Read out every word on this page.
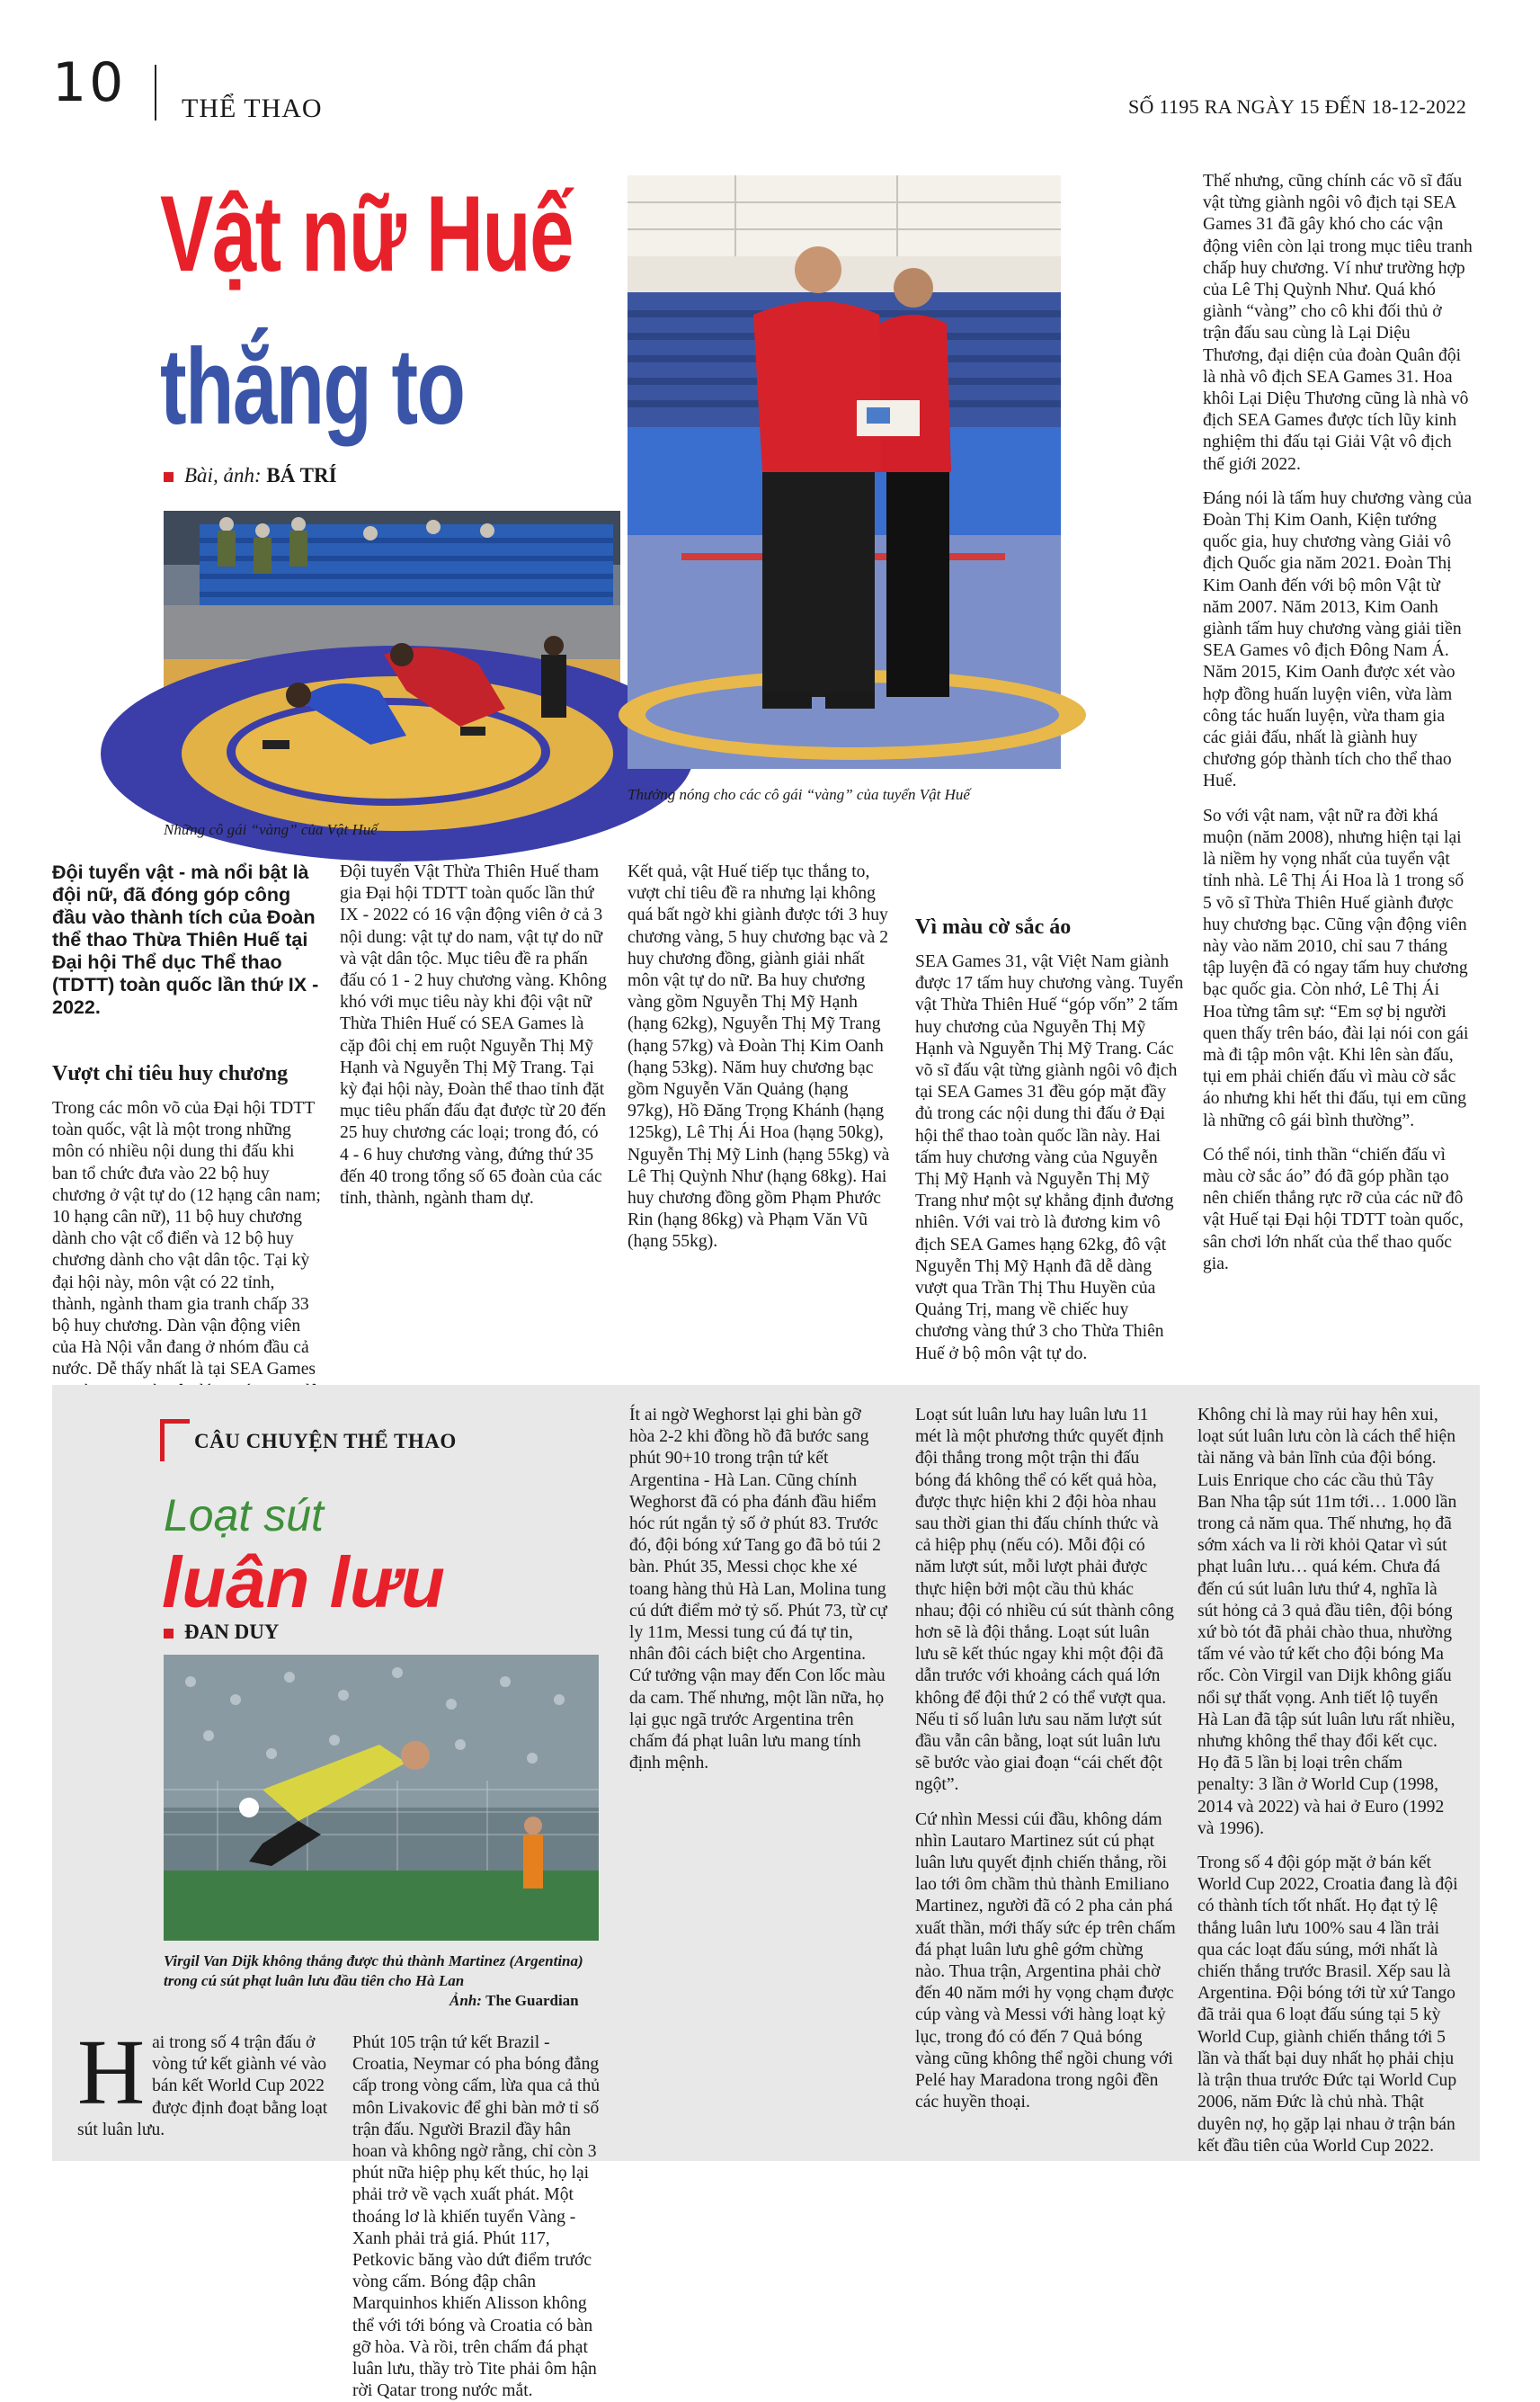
10 THỂ THAO	SỐ 1195 RA NGÀY 15 ĐẾN 18-12-2022
Vật nữ Huế
thắng to
Bài, ảnh: BÁ TRÍ
Những cô gái “vàng” của Vật Huế
Thưởng nóng cho các cô gái “vàng” của tuyển Vật Huế

Đội tuyển vật - mà nổi bật là đội nữ, đã đóng góp công đầu vào thành tích của Đoàn thể thao Thừa Thiên Huế tại Đại hội Thể dục Thể thao (TDTT) toàn quốc lần thứ IX - 2022.

Vượt chỉ tiêu huy chương

Trong các môn võ của Đại hội TDTT toàn quốc, vật là một trong những môn có nhiều nội dung thi đấu khi ban tổ chức đưa vào 22 bộ huy chương ở vật tự do (12 hạng cân nam; 10 hạng cân nữ), 11 bộ huy chương dành cho vật cổ điển và 12 bộ huy chương dành cho vật dân tộc. Tại kỳ đại hội này, môn vật có 22 tỉnh, thành, ngành tham gia tranh chấp 33 bộ huy chương. Dàn vận động viên của Hà Nội vẫn đang ở nhóm đầu cả nước. Dễ thấy nhất là tại SEA Games

Đội tuyển Vật Thừa Thiên Huế tham gia Đại hội TDTT toàn quốc lần thứ IX - 2022 có 16 vận động viên ở cả 3 nội dung: vật tự do nam, vật tự do nữ và vật dân tộc. Mục tiêu đề ra phấn đấu có 1 - 2 huy chương vàng. Không khó với mục tiêu này khi đội vật nữ Thừa Thiên Huế có SEA Games là cặp đôi chị em ruột Nguyễn Thị Mỹ Hạnh và Nguyễn Thị Mỹ Trang. Tại kỳ đại hội này, Đoàn thể thao tỉnh đặt mục tiêu phấn đấu đạt được từ 20 đến 25 huy chương các loại; trong đó, có 4 - 6 huy chương vàng, đứng thứ 35 đến 40 trong tổng số 65 đoàn của các tỉnh, thành, ngành tham dự.

Kết quả, vật Huế tiếp tục thắng to, vượt chỉ tiêu đề ra nhưng lại không quá bất ngờ khi giành được tới 3 huy chương vàng, 5 huy chương bạc và 2 huy chương đồng, giành giải nhất môn vật tự do nữ. Ba huy chương vàng gồm Nguyễn Thị Mỹ Hạnh (hạng 62kg), Nguyễn Thị Mỹ Trang (hạng 57kg) và Đoàn Thị Kim Oanh (hạng 53kg). Năm huy chương bạc gồm Nguyễn Văn Quảng (hạng 97kg), Hồ Đăng Trọng Khánh (hạng 125kg), Lê Thị Ái Hoa (hạng 50kg), Nguyễn Thị Mỹ Linh (hạng 55kg) và Lê Thị Quỳnh Như (hạng 68kg). Hai huy chương đồng gồm Phạm Phước Rin (hạng 86kg) và Phạm Văn Vũ (hạng 55kg).

Vì màu cờ sắc áo

SEA Games 31, vật Việt Nam giành được 17 tấm huy chương vàng. Tuyển vật Thừa Thiên Huế “góp vốn” 2 tấm huy chương của Nguyễn Thị Mỹ Hạnh và Nguyễn Thị Mỹ Trang. Các võ sĩ đấu vật từng giành ngôi vô địch tại SEA Games 31 đều góp mặt đầy đủ trong các nội dung thi đấu ở Đại hội thể thao toàn quốc lần này. Hai tấm huy chương vàng của Nguyễn Thị Mỹ Hạnh và Nguyễn Thị Mỹ Trang như một sự khẳng định đương nhiên. Với vai trò là đương kim vô địch SEA Games hạng 62kg, đô vật Nguyễn Thị Mỹ Hạnh đã dễ dàng vượt qua Trần Thị Thu Huyền của Quảng Trị, mang về chiếc huy chương vàng thứ 3 cho Thừa Thiên Huế ở bộ môn vật tự do.

Thế nhưng, cũng chính các võ sĩ đấu vật từng giành ngôi vô địch tại SEA Games 31 đã gây khó cho các vận động viên còn lại trong mục tiêu tranh chấp huy chương. Ví như trường hợp của Lê Thị Quỳnh Như. Quá khó giành “vàng” cho cô khi đối thủ ở trận đấu sau cùng là Lại Diệu Thương, đại diện của đoàn Quân đội là nhà vô địch SEA Games 31. Hoa khôi Lại Diệu Thương cũng là nhà vô địch SEA Games được tích lũy kinh nghiệm thi đấu tại Giải Vật vô địch thế giới 2022.

Đáng nói là tấm huy chương vàng của Đoàn Thị Kim Oanh, Kiện tướng quốc gia, huy chương vàng Giải vô địch Quốc gia năm 2021. Đoàn Thị Kim Oanh đến với bộ môn Vật từ năm 2007. Năm 2013, Kim Oanh giành tấm huy chương vàng giải tiền SEA Games vô địch Đông Nam Á. Năm 2015, Kim Oanh được xét vào hợp đồng huấn luyện viên, vừa làm công tác huấn luyện, vừa tham gia các giải đấu, nhất là giành huy chương góp thành tích cho thể thao Huế.

So với vật nam, vật nữ ra đời khá muộn (năm 2008), nhưng hiện tại lại là niềm hy vọng nhất của tuyển vật tỉnh nhà. Lê Thị Ái Hoa là 1 trong số 5 võ sĩ Thừa Thiên Huế giành được huy chương bạc. Cũng vận động viên này vào năm 2010, chỉ sau 7 tháng tập luyện đã có ngay tấm huy chương bạc quốc gia. Còn nhớ, Lê Thị Ái Hoa từng tâm sự: “Em sợ bị người quen thấy trên báo, đài lại nói con gái mà đi tập môn vật. Khi lên sàn đấu, tụi em phải chiến đấu vì màu cờ sắc áo nhưng khi hết thi đấu, tụi em cũng là những cô gái bình thường”.

Có thể nói, tinh thần “chiến đấu vì màu cờ sắc áo” đó đã góp phần tạo nên chiến thắng rực rỡ của các nữ đô vật Huế tại Đại hội TDTT toàn quốc, sân chơi lớn nhất của thể thao quốc gia.

CÂU CHUYỆN THỂ THAO
Loạt sút
luân lưu
ĐAN DUY
Virgil Van Dijk không thắng được thủ thành Martinez (Argentina) trong cú sút phạt luân lưu đầu tiên cho Hà Lan
Ảnh: The Guardian

Hai trong số 4 trận đấu ở vòng tứ kết giành vé vào bán kết World Cup 2022 được định đoạt bằng loạt sút luân lưu.

Phút 105 trận tứ kết Brazil - Croatia, Neymar có pha bóng đẳng cấp trong vòng cấm, lừa qua cả thủ môn Livakovic để ghi bàn mở tỉ số trận đấu. Người Brazil đầy hân hoan và không ngờ rằng, chỉ còn 3 phút nữa hiệp phụ kết thúc, họ lại phải trở về vạch xuất phát. Một thoáng lơ là khiến tuyển Vàng - Xanh phải trả giá. Phút 117, Petkovic băng vào dứt điểm trước vòng cấm. Bóng đập chân Marquinhos khiến Alisson không thể với tới bóng và Croatia có bàn gỡ hòa. Và rồi, trên chấm đá phạt luân lưu, thầy trò Tite phải ôm hận rời Qatar trong nước mắt.

Ít ai ngờ Weghorst lại ghi bàn gỡ hòa 2-2 khi đồng hồ đã bước sang phút 90+10 trong trận tứ kết Argentina - Hà Lan. Cũng chính Weghorst đã có pha đánh đầu hiểm hóc rút ngắn tỷ số ở phút 83. Trước đó, đội bóng xứ Tang go đã bỏ túi 2 bàn. Phút 35, Messi chọc khe xé toang hàng thủ Hà Lan, Molina tung cú dứt điểm mở tỷ số. Phút 73, từ cự ly 11m, Messi tung cú đá tự tin, nhân đôi cách biệt cho Argentina. Cứ tưởng vận may đến Con lốc màu da cam. Thế nhưng, một lần nữa, họ lại gục ngã trước Argentina trên chấm đá phạt luân lưu mang tính định mệnh.

Loạt sút luân lưu hay luân lưu 11 mét là một phương thức quyết định đội thắng trong một trận thi đấu bóng đá không thể có kết quả hòa, được thực hiện khi 2 đội hòa nhau sau thời gian thi đấu chính thức và cả hiệp phụ (nếu có). Mỗi đội có năm lượt sút, mỗi lượt phải được thực hiện bởi một cầu thủ khác nhau; đội có nhiều cú sút thành công hơn sẽ là đội thắng. Loạt sút luân lưu sẽ kết thúc ngay khi một đội đã dẫn trước với khoảng cách quá lớn không để đội thứ 2 có thể vượt qua. Nếu tỉ số luân lưu sau năm lượt sút đầu vẫn cân bằng, loạt sút luân lưu sẽ bước vào giai đoạn “cái chết đột ngột”.

Cứ nhìn Messi cúi đầu, không dám nhìn Lautaro Martinez sút cú phạt luân lưu quyết định chiến thắng, rồi lao tới ôm chầm thủ thành Emiliano Martinez, người đã có 2 pha cản phá xuất thần, mới thấy sức ép trên chấm đá phạt luân lưu ghê gớm chừng nào. Thua trận, Argentina phải chờ đến 40 năm mới hy vọng chạm được cúp vàng và Messi với hàng loạt kỷ lục, trong đó có đến 7 Quả bóng vàng cũng không thể ngồi chung với Pelé hay Maradona trong ngôi đền các huyền thoại.

Không chỉ là may rủi hay hên xui, loạt sút luân lưu còn là cách thể hiện tài năng và bản lĩnh của đội bóng. Luis Enrique cho các cầu thủ Tây Ban Nha tập sút 11m tới… 1.000 lần trong cả năm qua. Thế nhưng, họ đã sớm xách va li rời khỏi Qatar vì sút phạt luân lưu… quá kém. Chưa đá đến cú sút luân lưu thứ 4, nghĩa là sút hỏng cả 3 quả đầu tiên, đội bóng xứ bò tót đã phải chào thua, nhường tấm vé vào tứ kết cho đội bóng Ma rốc. Còn Virgil van Dijk không giấu nổi sự thất vọng. Anh tiết lộ tuyển Hà Lan đã tập sút luân lưu rất nhiều, nhưng không thể thay đổi kết cục. Họ đã 5 lần bị loại trên chấm penalty: 3 lần ở World Cup (1998, 2014 và 2022) và hai ở Euro (1992 và 1996).

Trong số 4 đội góp mặt ở bán kết World Cup 2022, Croatia đang là đội có thành tích tốt nhất. Họ đạt tỷ lệ thắng luân lưu 100% sau 4 lần trải qua các loạt đấu súng, mới nhất là chiến thắng trước Brasil. Xếp sau là Argentina. Đội bóng tới từ xứ Tango đã trải qua 6 loạt đấu súng tại 5 kỳ World Cup, giành chiến thắng tới 5 lần và thất bại duy nhất họ phải chịu là trận thua trước Đức tại World Cup 2006, năm Đức là chủ nhà. Thật duyên nợ, họ gặp lại nhau ở trận bán kết đầu tiên của World Cup 2022.
